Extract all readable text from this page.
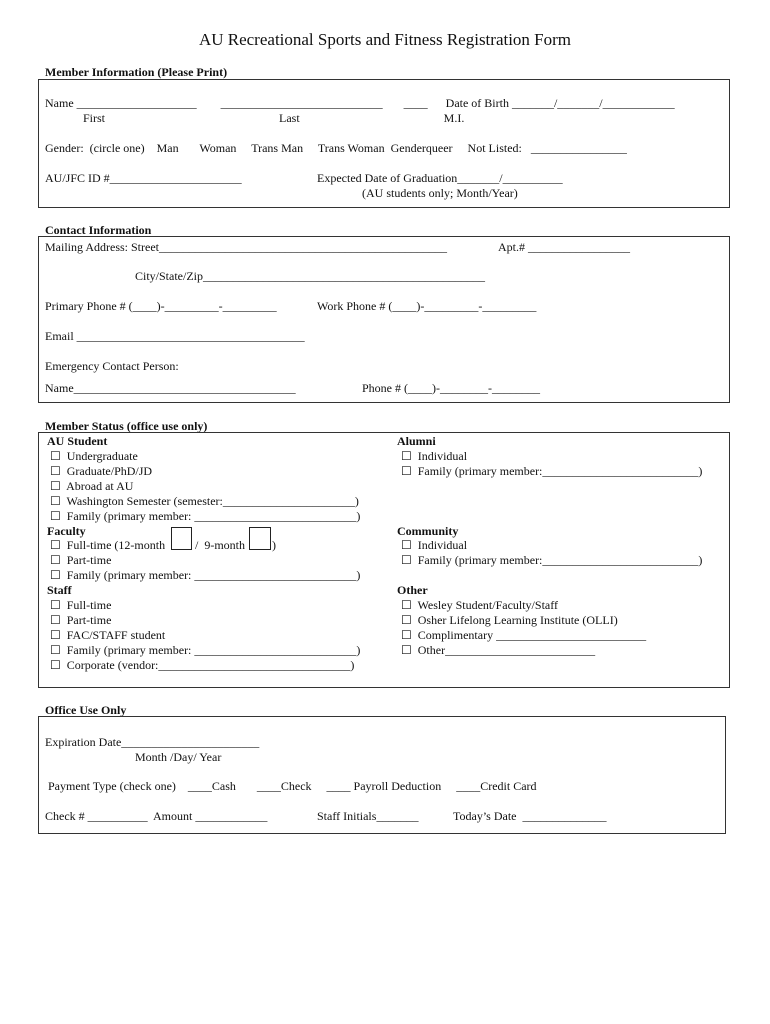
AU Recreational Sports and Fitness Registration Form
Member Information (Please Print)
Name ____________________        ___________________________       ____      Date of Birth _______/_______/____________
First                                                          Last                                                M.I.
Gender:  (circle one)    Man       Woman     Trans Man     Trans Woman  Genderqueer     Not Listed:   ________________
AU/JFC ID #______________________	Expected Date of Graduation_______/__________
(AU students only; Month/Year)
Contact Information
Mailing Address: Street________________________________________________	Apt.# _________________
City/State/Zip_______________________________________________
Primary Phone # (____)-_________-_________	Work Phone # (____)-_________-_________
Email ______________________________________
Emergency Contact Person:
Name_____________________________________	Phone # (____)-________-________
Member Status (office use only)
AU Student
☐  Undergraduate
☐  Graduate/PhD/JD
☐  Abroad at AU
☐  Washington Semester (semester:______________________)
☐  Family (primary member: ___________________________)
Faculty
☐  Full-time (12-month /  9-month )
☐  Part-time
☐  Family (primary member: ___________________________)
Staff
☐  Full-time
☐  Part-time
☐  FAC/STAFF student
☐  Family (primary member: ___________________________)
☐  Corporate (vendor:________________________________)
Alumni
☐  Individual
☐  Family (primary member:__________________________)
Community
☐  Individual
☐  Family (primary member:__________________________)
Other
☐  Wesley Student/Faculty/Staff
☐  Osher Lifelong Learning Institute (OLLI)
☐  Complimentary _________________________
☐  Other_________________________
Office Use Only
Expiration Date_______________________
Month /Day/ Year
Payment Type (check one)    ____Cash       ____Check     ____ Payroll Deduction     ____Credit Card
Check # __________  Amount ____________	Staff Initials_______	Today’s Date  ______________
